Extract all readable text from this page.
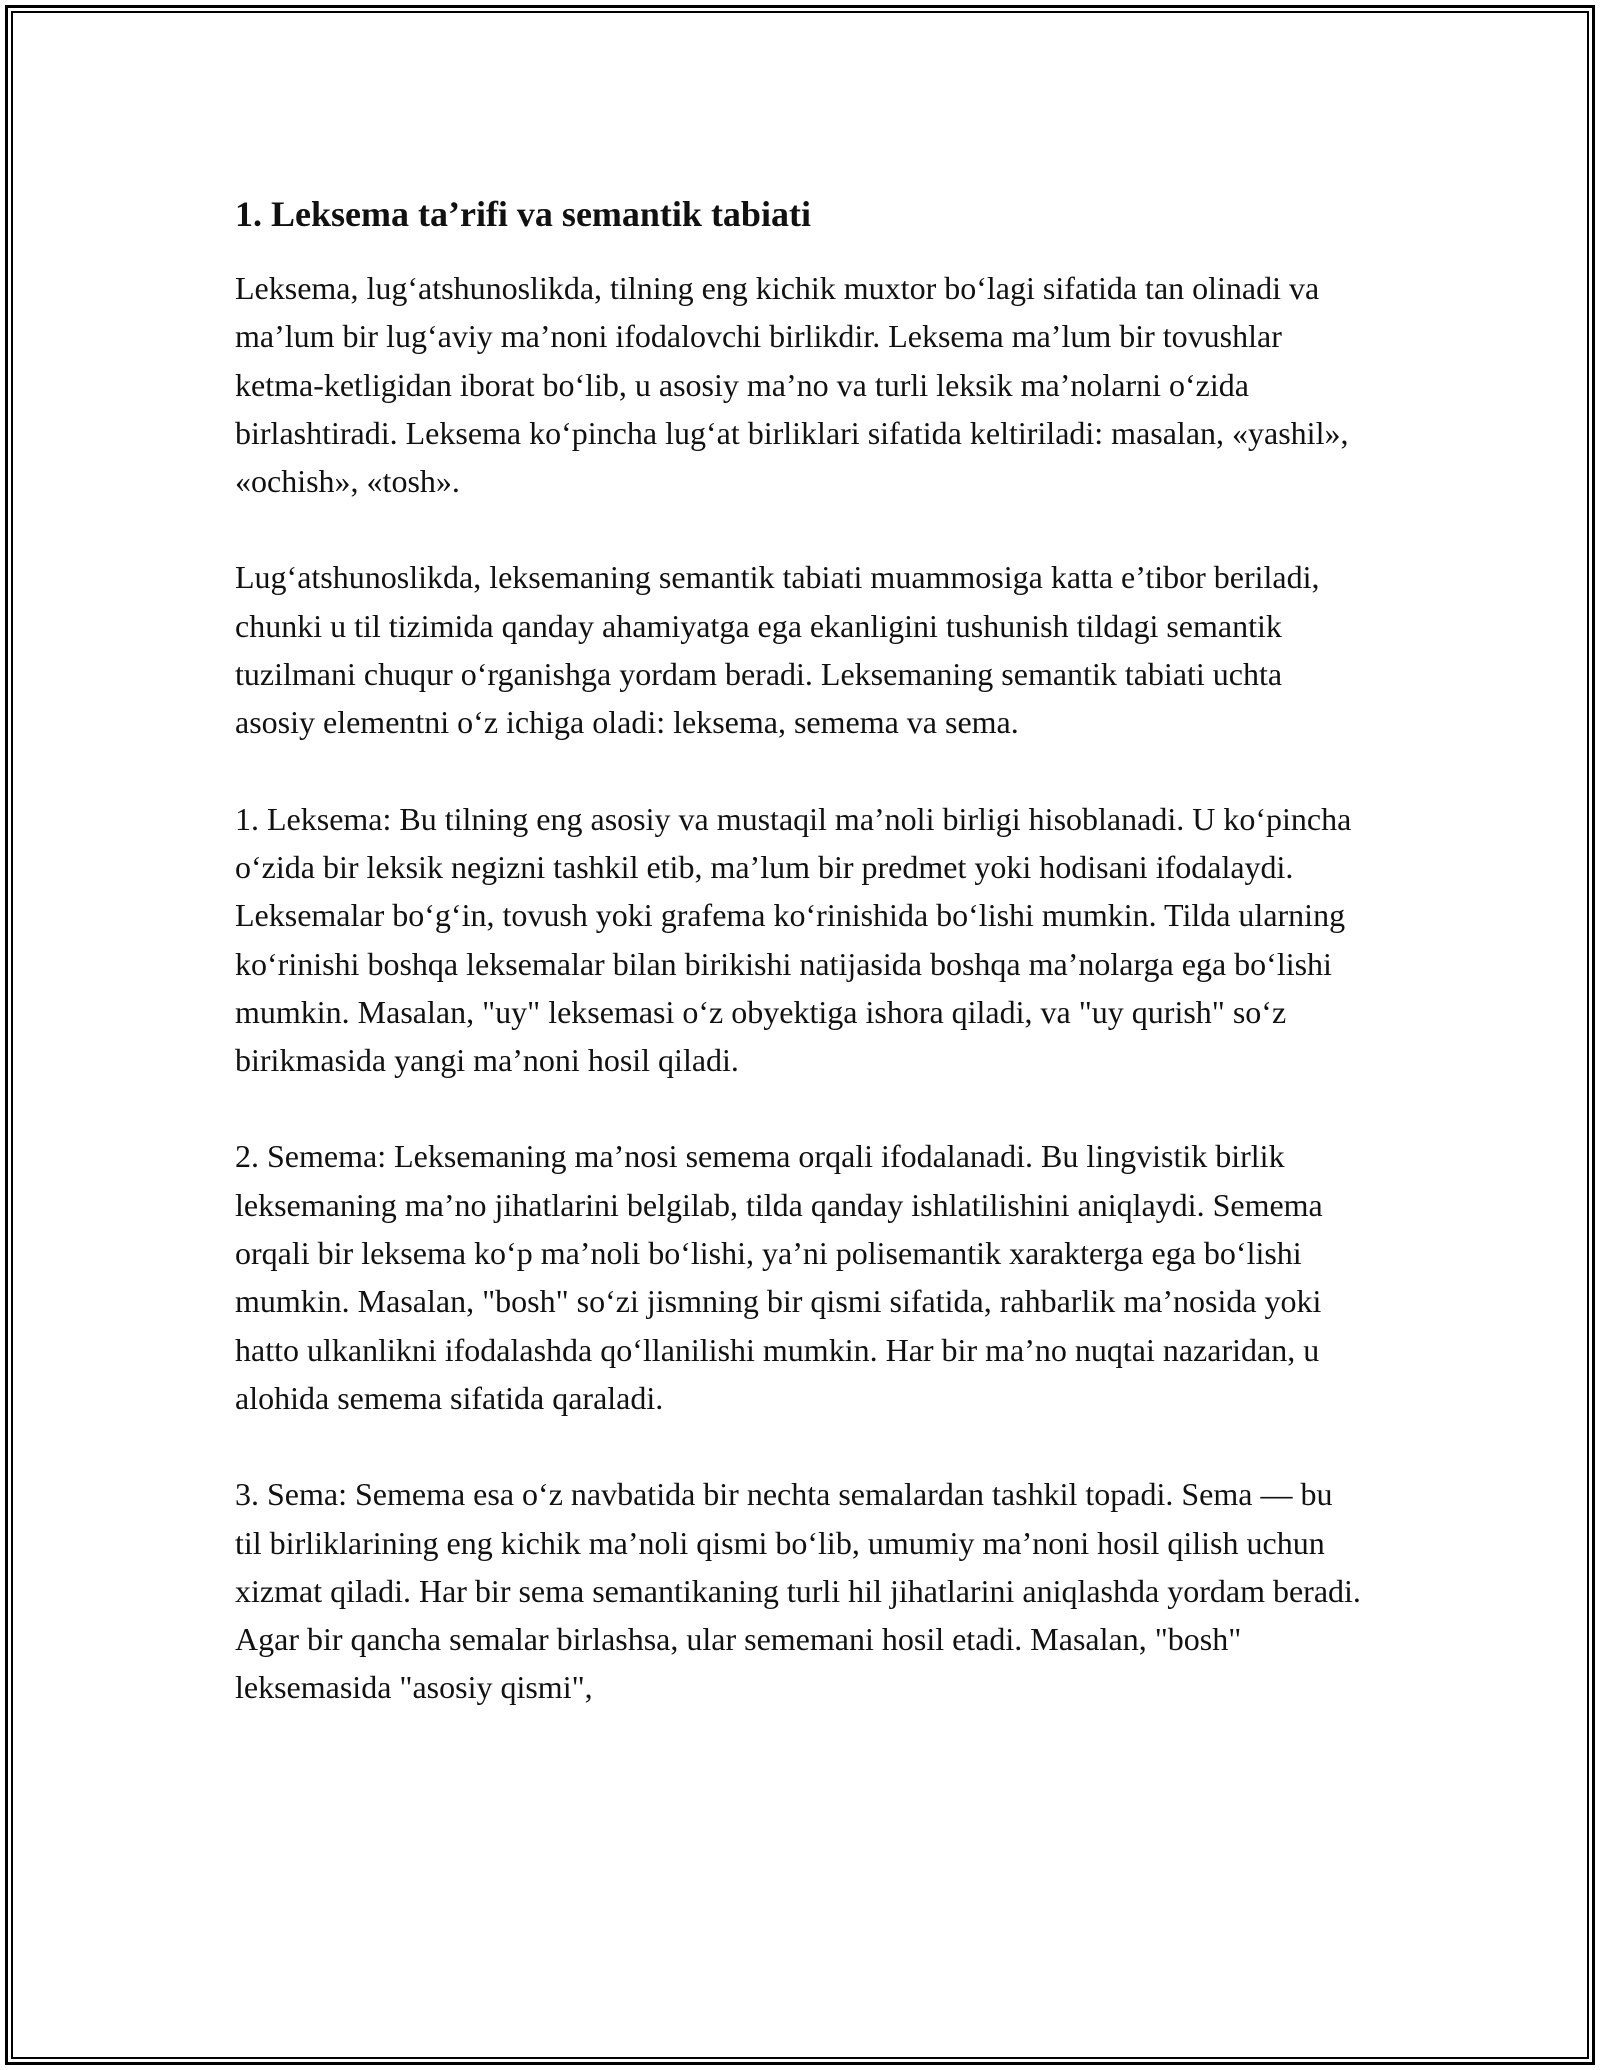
1. Leksema ta’rifi va semantik tabiati

Leksema, lug‘atshunoslikda, tilning eng kichik muxtor bo‘lagi sifatida tan olinadi va ma’lum bir lug‘aviy ma’noni ifodalovchi birlikdir. Leksema ma’lum bir tovushlar ketma-ketligidan iborat bo‘lib, u asosiy ma’no va turli leksik ma’nolarni o‘zida birlashtiradi. Leksema ko‘pincha lug‘at birliklari sifatida keltiriladi: masalan, «yashil», «ochish», «tosh».

Lug‘atshunoslikda, leksemaning semantik tabiati muammosiga katta e’tibor beriladi, chunki u til tizimida qanday ahamiyatga ega ekanligini tushunish tildagi semantik tuzilmani chuqur o‘rganishga yordam beradi. Leksemaning semantik tabiati uchta asosiy elementni o‘z ichiga oladi: leksema, semema va sema.

1. Leksema: Bu tilning eng asosiy va mustaqil ma’noli birligi hisoblanadi. U ko‘pincha o‘zida bir leksik negizni tashkil etib, ma’lum bir predmet yoki hodisani ifodalaydi. Leksemalar bo‘g‘in, tovush yoki grafema ko‘rinishida bo‘lishi mumkin. Tilda ularning ko‘rinishi boshqa leksemalar bilan birikishi natijasida boshqa ma’nolarga ega bo‘lishi mumkin. Masalan, "uy" leksemasi o‘z obyektiga ishora qiladi, va "uy qurish" so‘z birikmasida yangi ma’noni hosil qiladi.

2. Semema: Leksemaning ma’nosi semema orqali ifodalanadi. Bu lingvistik birlik leksemaning ma’no jihatlarini belgilab, tilda qanday ishlatilishini aniqlaydi. Semema orqali bir leksema ko‘p ma’noli bo‘lishi, ya’ni polisemantik xarakterga ega bo‘lishi mumkin. Masalan, "bosh" so‘zi jismning bir qismi sifatida, rahbarlik ma’nosida yoki hatto ulkanlikni ifodalashda qo‘llanilishi mumkin. Har bir ma’no nuqtai nazaridan, u alohida semema sifatida qaraladi.

3. Sema: Semema esa o‘z navbatida bir nechta semalardan tashkil topadi. Sema — bu til birliklarining eng kichik ma’noli qismi bo‘lib, umumiy ma’noni hosil qilish uchun xizmat qiladi. Har bir sema semantikaning turli hil jihatlarini aniqlashda yordam beradi. Agar bir qancha semalar birlashsa, ular sememani hosil etadi. Masalan, "bosh" leksemasida "asosiy qismi",
